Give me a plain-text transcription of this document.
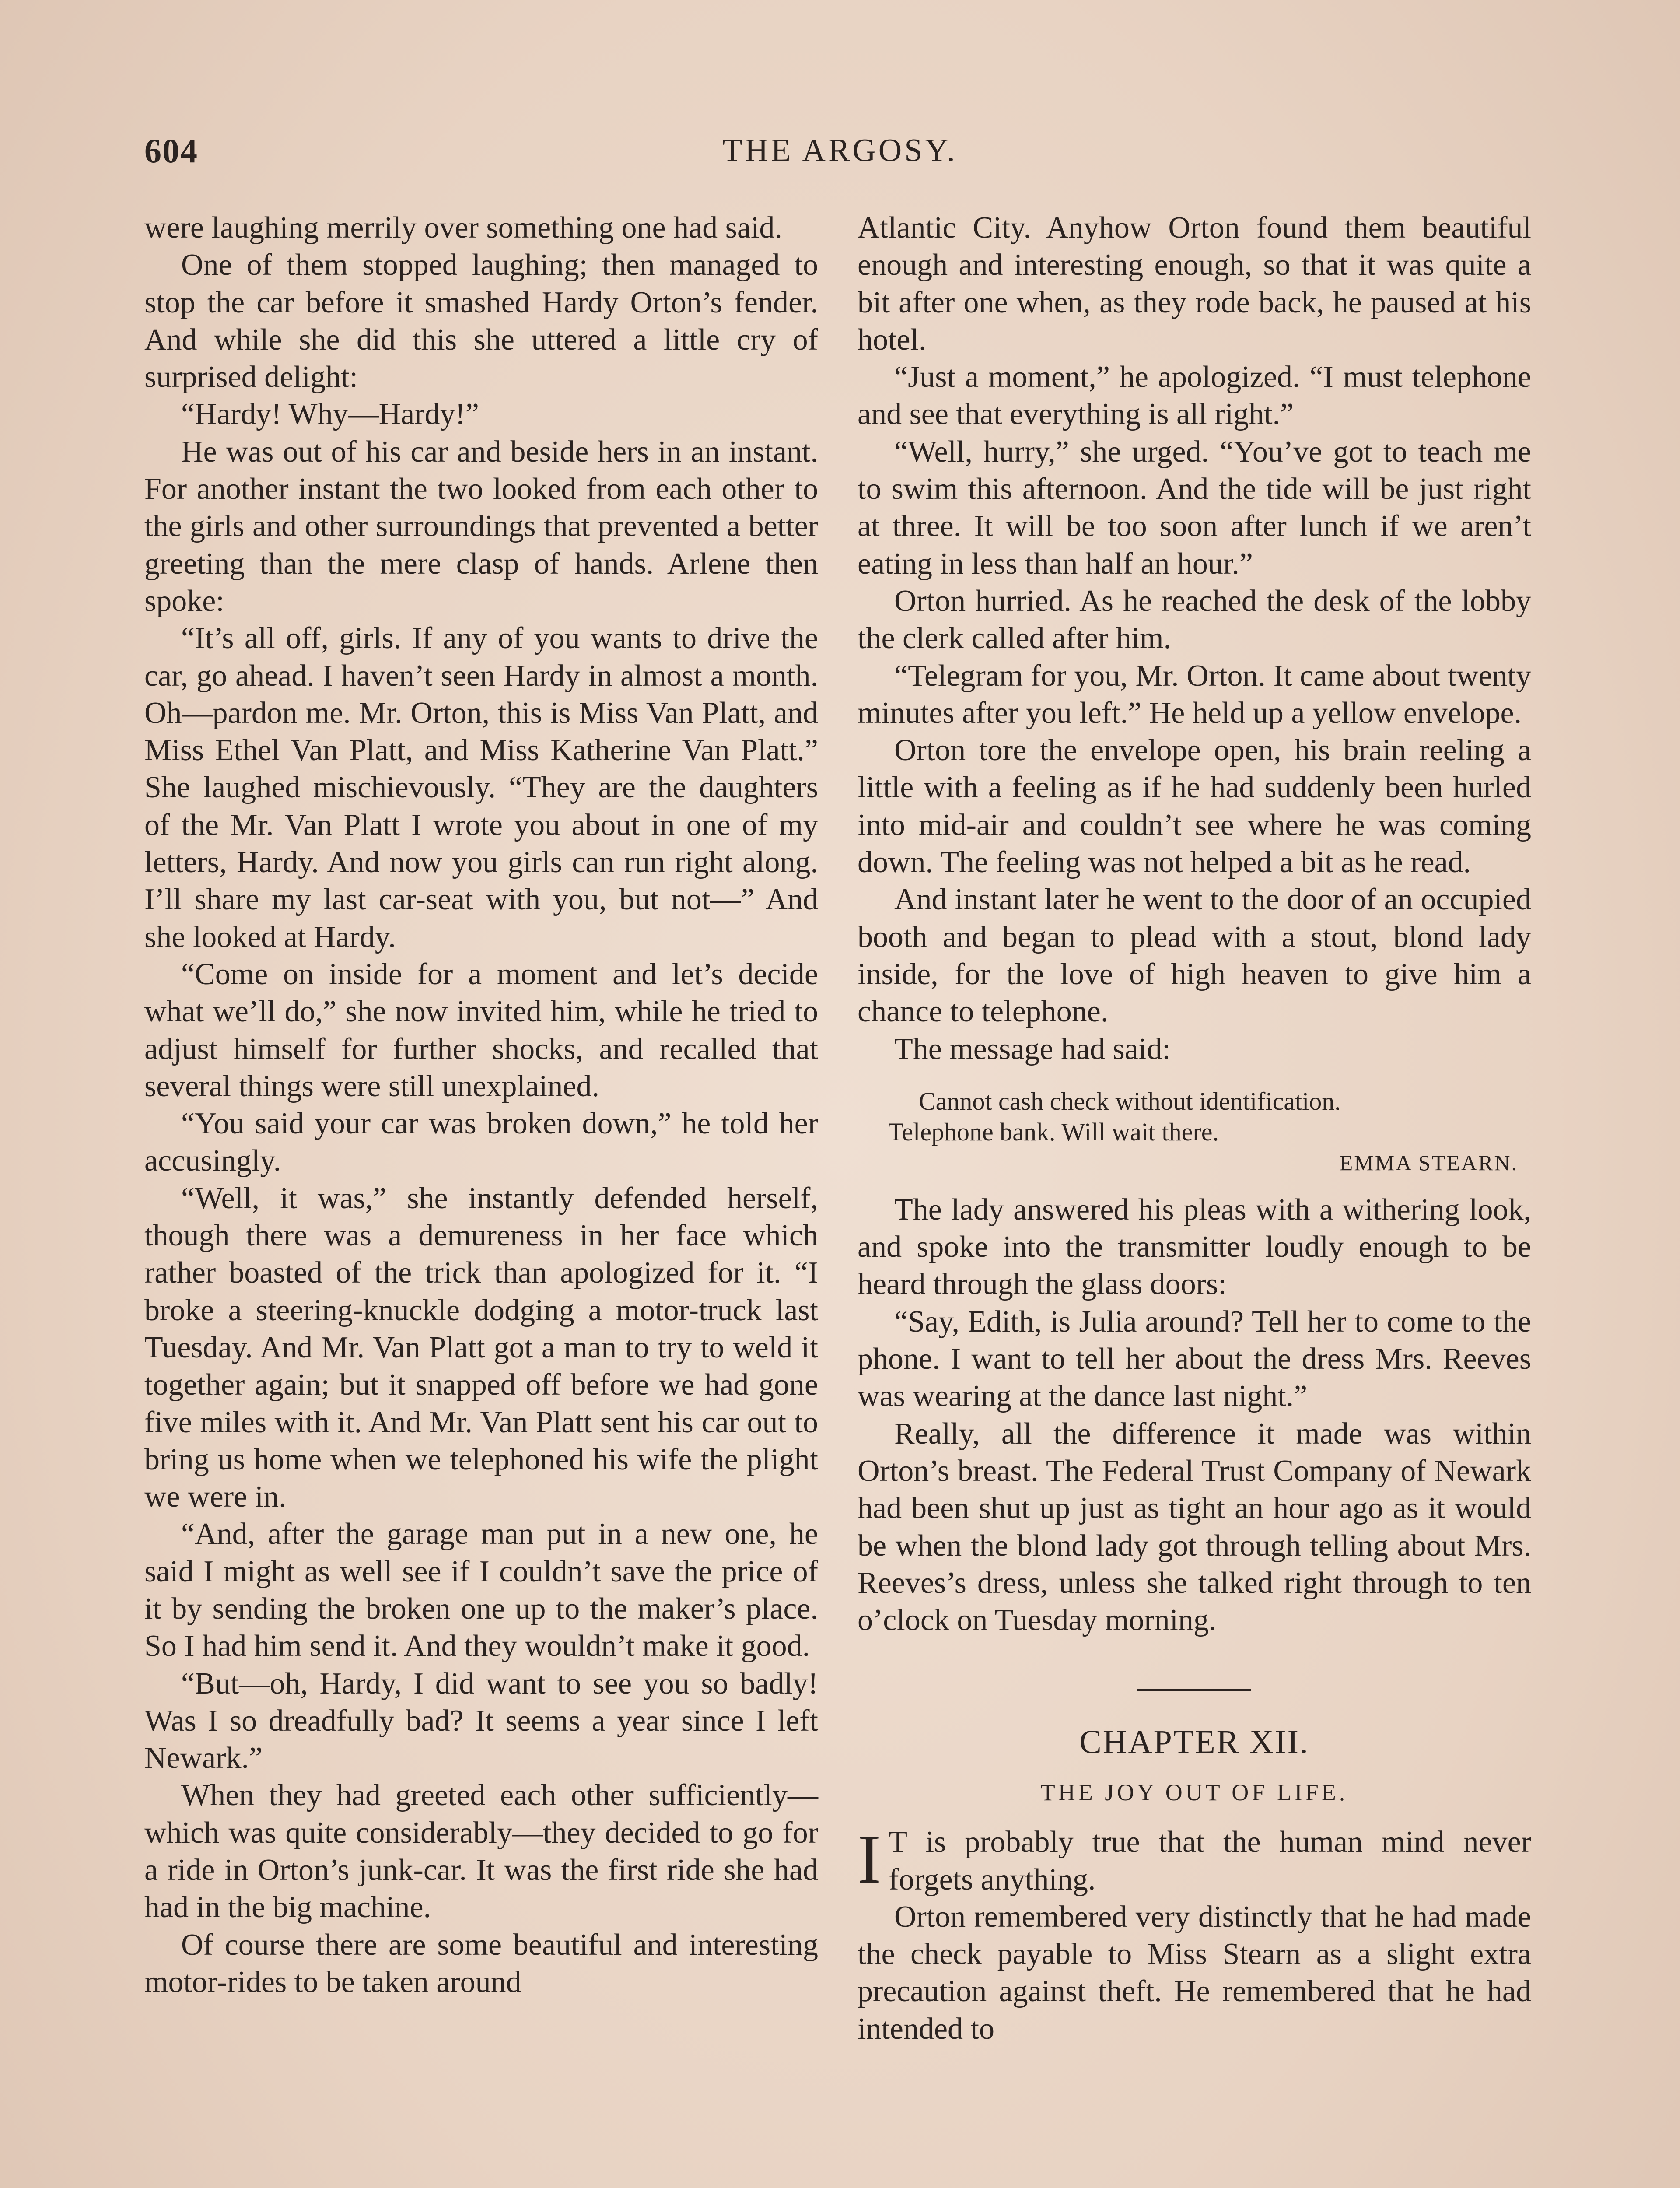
604	THE ARGOSY.

were laughing merrily over something one had said.

One of them stopped laughing; then managed to stop the car before it smashed Hardy Orton’s fender. And while she did this she uttered a little cry of surprised delight:

“Hardy! Why—Hardy!”

He was out of his car and beside hers in an instant. For another instant the two looked from each other to the girls and other surroundings that prevented a better greeting than the mere clasp of hands. Arlene then spoke:

“It’s all off, girls. If any of you wants to drive the car, go ahead. I haven’t seen Hardy in almost a month. Oh—pardon me. Mr. Orton, this is Miss Van Platt, and Miss Ethel Van Platt, and Miss Katherine Van Platt.” She laughed mischievously. “They are the daughters of the Mr. Van Platt I wrote you about in one of my letters, Hardy. And now you girls can run right along. I’ll share my last car-seat with you, but not—” And she looked at Hardy.

“Come on inside for a moment and let’s decide what we’ll do,” she now invited him, while he tried to adjust himself for further shocks, and recalled that several things were still unexplained.

“You said your car was broken down,” he told her accusingly.

“Well, it was,” she instantly defended herself, though there was a demureness in her face which rather boasted of the trick than apologized for it. “I broke a steering-knuckle dodging a motor-truck last Tuesday. And Mr. Van Platt got a man to try to weld it together again; but it snapped off before we had gone five miles with it. And Mr. Van Platt sent his car out to bring us home when we telephoned his wife the plight we were in.

“And, after the garage man put in a new one, he said I might as well see if I couldn’t save the price of it by sending the broken one up to the maker’s place. So I had him send it. And they wouldn’t make it good.

“But—oh, Hardy, I did want to see you so badly! Was I so dreadfully bad? It seems a year since I left Newark.”

When they had greeted each other sufficiently—which was quite considerably—they decided to go for a ride in Orton’s junk-car. It was the first ride she had had in the big machine.

Of course there are some beautiful and interesting motor-rides to be taken around

Atlantic City. Anyhow Orton found them beautiful enough and interesting enough, so that it was quite a bit after one when, as they rode back, he paused at his hotel.

“Just a moment,” he apologized. “I must telephone and see that everything is all right.”

“Well, hurry,” she urged. “You’ve got to teach me to swim this afternoon. And the tide will be just right at three. It will be too soon after lunch if we aren’t eating in less than half an hour.”

Orton hurried. As he reached the desk of the lobby the clerk called after him.

“Telegram for you, Mr. Orton. It came about twenty minutes after you left.” He held up a yellow envelope.

Orton tore the envelope open, his brain reeling a little with a feeling as if he had suddenly been hurled into mid-air and couldn’t see where he was coming down. The feeling was not helped a bit as he read.

And instant later he went to the door of an occupied booth and began to plead with a stout, blond lady inside, for the love of high heaven to give him a chance to telephone.

The message had said:

Cannot cash check without identification.
Telephone bank. Will wait there.
EMMA STEARN.

The lady answered his pleas with a withering look, and spoke into the transmitter loudly enough to be heard through the glass doors:

“Say, Edith, is Julia around? Tell her to come to the phone. I want to tell her about the dress Mrs. Reeves was wearing at the dance last night.”

Really, all the difference it made was within Orton’s breast. The Federal Trust Company of Newark had been shut up just as tight an hour ago as it would be when the blond lady got through telling about Mrs. Reeves’s dress, unless she talked right through to ten o’clock on Tuesday morning.

CHAPTER XII.
THE JOY OUT OF LIFE.

I T is probably true that the human mind never forgets anything.

Orton remembered very distinctly that he had made the check payable to Miss Stearn as a slight extra precaution against theft. He remembered that he had intended to
